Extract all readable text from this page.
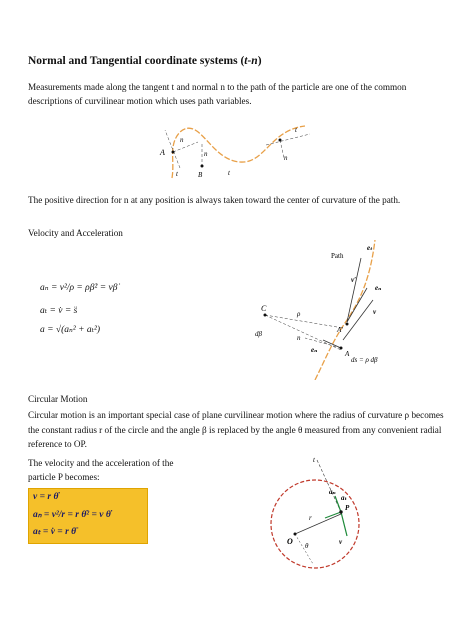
Normal and Tangential coordinate systems (t-n)
Measurements made along the tangent t and normal n to the path of the particle are one of the common descriptions of curvilinear motion which uses path variables.
A
n
n	n
t	t
t
B
The positive direction for n at any position is always taken toward the center of curvature of the path.
Velocity and Acceleration
aₙ = v²/ρ = ρβ̇² = vβ̇
aₜ = v̇ = s̈
a = √(aₙ² + aₜ²)
Path
eₜ
v′
eₙ
v
C
ρ
dβ	A′
A
eₙ
ds = ρ dβ
n
Circular Motion
Circular motion is an important special case of plane curvilinear motion where the radius of curvature ρ becomes the constant radius r of the circle and the angle β is replaced by the angle θ measured from any convenient radial reference to OP.
The velocity and the acceleration of the particle P becomes:
v = r θ̇
aₙ = v²/r = r θ̇² = v θ̇
aₜ = v̇ = r θ̈
t
aₙ
aₜ
P
r
O θ	v
